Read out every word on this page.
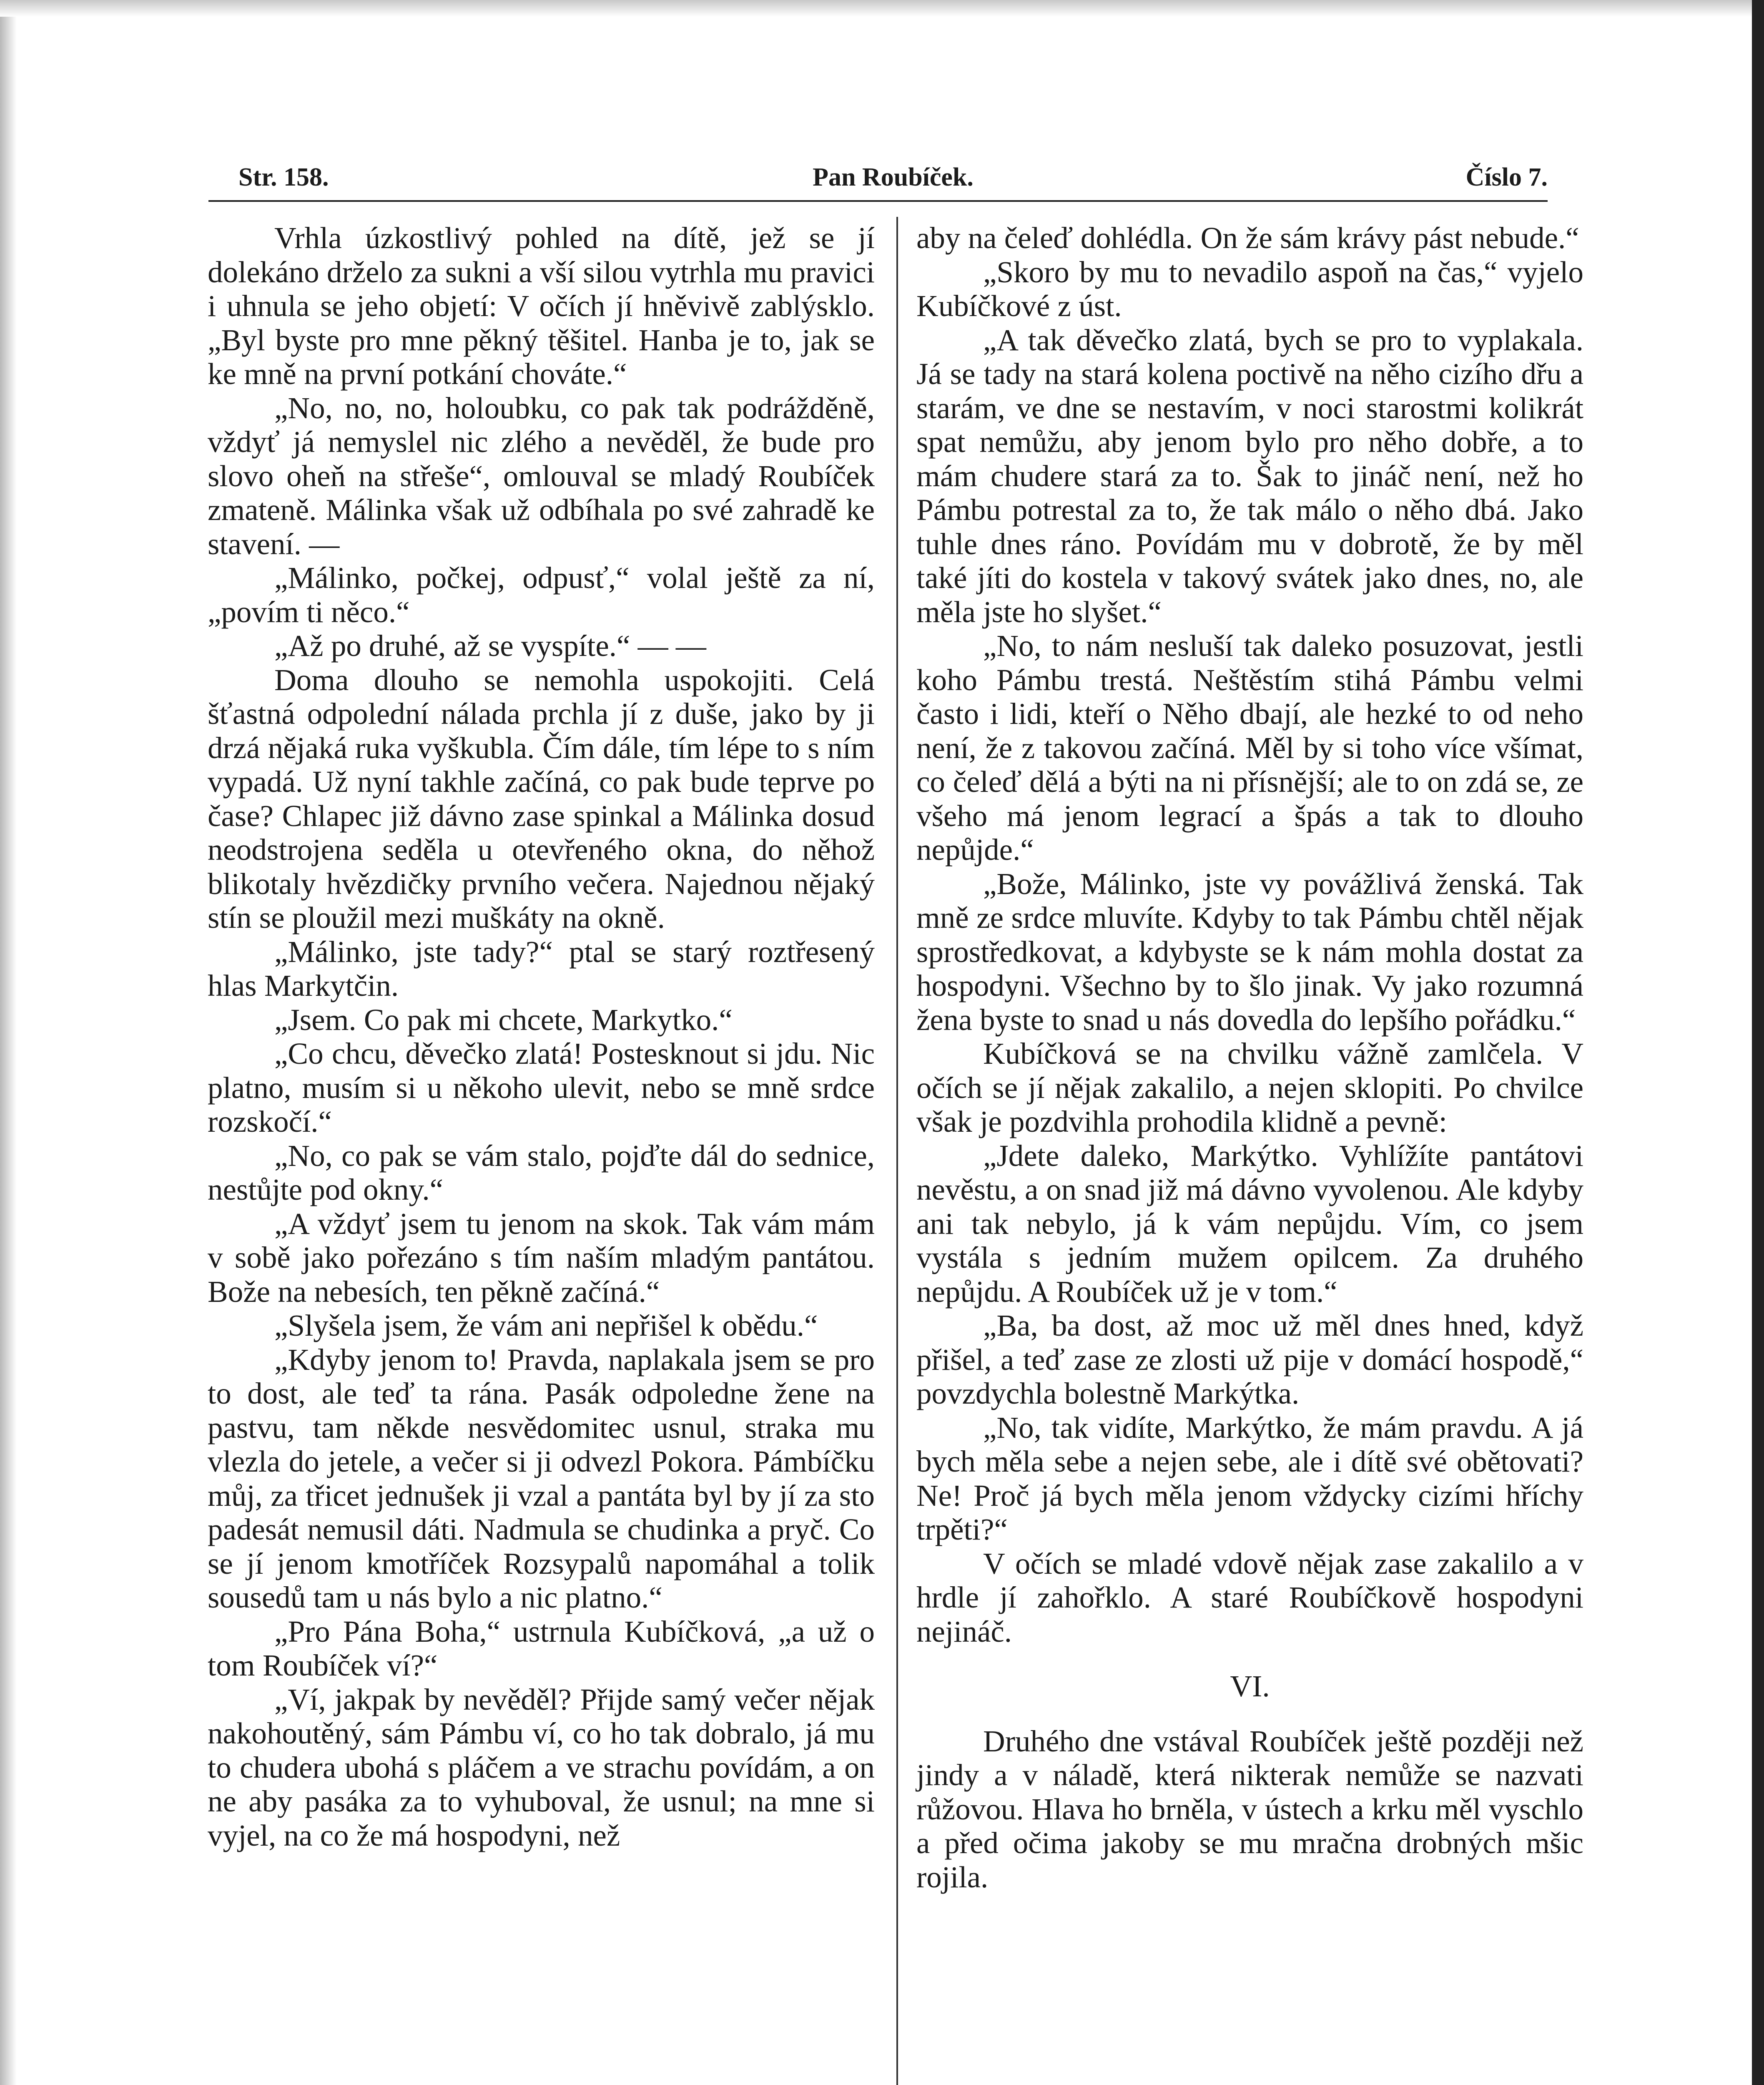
Str. 158.	Pan Roubíček.	Číslo 7.

Vrhla úzkostlivý pohled na dítě, jež se jí dolekáno drželo za sukni a vší silou vytrhla mu pravici i uhnula se jeho objetí: V očích jí hněvivě zablýsklo. „Byl byste pro mne pěkný těšitel. Hanba je to, jak se ke mně na první potkání chováte.“

„No, no, no, holoubku, co pak tak podrážděně, vždyť já nemyslel nic zlého a nevěděl, že bude pro slovo oheň na střeše“, omlouval se mladý Roubíček zmateně. Málinka však už odbíhala po své zahradě ke stavení. —

„Málinko, počkej, odpusť,“ volal ještě za ní, „povím ti něco.“

„Až po druhé, až se vyspíte.“ — —

Doma dlouho se nemohla uspokojiti. Celá šťastná odpolední nálada prchla jí z duše, jako by ji drzá nějaká ruka vyškubla. Čím dále, tím lépe to s ním vypadá. Už nyní takhle začíná, co pak bude teprve po čase? Chlapec již dávno zase spinkal a Málinka dosud neodstrojena seděla u otevřeného okna, do něhož blikotaly hvězdičky prvního večera. Najednou nějaký stín se ploužil mezi muškáty na okně.

„Málinko, jste tady?“ ptal se starý roztřesený hlas Markytčin.

„Jsem. Co pak mi chcete, Markytko.“

„Co chcu, děvečko zlatá! Postesknout si jdu. Nic platno, musím si u někoho ulevit, nebo se mně srdce rozskočí.“

„No, co pak se vám stalo, pojďte dál do sednice, nestůjte pod okny.“

„A vždyť jsem tu jenom na skok. Tak vám mám v sobě jako pořezáno s tím naším mladým pantátou. Bože na nebesích, ten pěkně začíná.“

„Slyšela jsem, že vám ani nepřišel k obědu.“

„Kdyby jenom to! Pravda, naplakala jsem se pro to dost, ale teď ta rána. Pasák odpoledne žene na pastvu, tam někde nesvědomitec usnul, straka mu vlezla do jetele, a večer si ji odvezl Pokora. Pámbíčku můj, za třicet jednušek ji vzal a pantáta byl by jí za sto padesát nemusil dáti. Nadmula se chudinka a pryč. Co se jí jenom kmotříček Rozsypalů napomáhal a tolik sousedů tam u nás bylo a nic platno.“

„Pro Pána Boha,“ ustrnula Kubíčková, „a už o tom Roubíček ví?“

„Ví, jakpak by nevěděl? Přijde samý večer nějak nakohoutěný, sám Pámbu ví, co ho tak dobralo, já mu to chudera ubohá s pláčem a ve strachu povídám, a on ne aby pasáka za to vyhuboval, že usnul; na mne si vyjel, na co že má hospodyni, než

aby na čeleď dohlédla. On že sám krávy pást nebude.“

„Skoro by mu to nevadilo aspoň na čas,“ vyjelo Kubíčkové z úst.

„A tak děvečko zlatá, bych se pro to vyplakala. Já se tady na stará kolena poctivě na něho cizího dřu a starám, ve dne se nestavím, v noci starostmi kolikrát spat nemůžu, aby jenom bylo pro něho dobře, a to mám chudere stará za to. Šak to jináč není, než ho Pámbu potrestal za to, že tak málo o něho dbá. Jako tuhle dnes ráno. Povídám mu v dobrotě, že by měl také jíti do kostela v takový svátek jako dnes, no, ale měla jste ho slyšet.“

„No, to nám nesluší tak daleko posuzovat, jestli koho Pámbu trestá. Neštěstím stihá Pámbu velmi často i lidi, kteří o Něho dbají, ale hezké to od neho není, že z takovou začíná. Měl by si toho více všímat, co čeleď dělá a býti na ni přísnější; ale to on zdá se, ze všeho má jenom legrací a špás a tak to dlouho nepůjde.“

„Bože, Málinko, jste vy povážlivá ženská. Tak mně ze srdce mluvíte. Kdyby to tak Pámbu chtěl nějak sprostředkovat, a kdybyste se k nám mohla dostat za hospodyni. Všechno by to šlo jinak. Vy jako rozumná žena byste to snad u nás dovedla do lepšího pořádku.“

Kubíčková se na chvilku vážně zamlčela. V očích se jí nějak zakalilo, a nejen sklopiti. Po chvilce však je pozdvihla prohodila klidně a pevně:

„Jdete daleko, Markýtko. Vyhlížíte pantátovi nevěstu, a on snad již má dávno vyvolenou. Ale kdyby ani tak nebylo, já k vám nepůjdu. Vím, co jsem vystála s jedním mužem opilcem. Za druhého nepůjdu. A Roubíček už je v tom.“

„Ba, ba dost, až moc už měl dnes hned, když přišel, a teď zase ze zlosti už pije v domácí hospodě,“ povzdychla bolestně Markýtka.

„No, tak vidíte, Markýtko, že mám pravdu. A já bych měla sebe a nejen sebe, ale i dítě své obětovati? Ne! Proč já bych měla jenom vždycky cizími hříchy trpěti?“

V očích se mladé vdově nějak zase zakalilo a v hrdle jí zahořklo. A staré Roubíčkově hospodyni nejináč.

VI.

Druhého dne vstával Roubíček ještě později než jindy a v náladě, která nikterak nemůže se nazvati růžovou. Hlava ho brněla, v ústech a krku měl vyschlo a před očima jakoby se mu mračna drobných mšic rojila.
